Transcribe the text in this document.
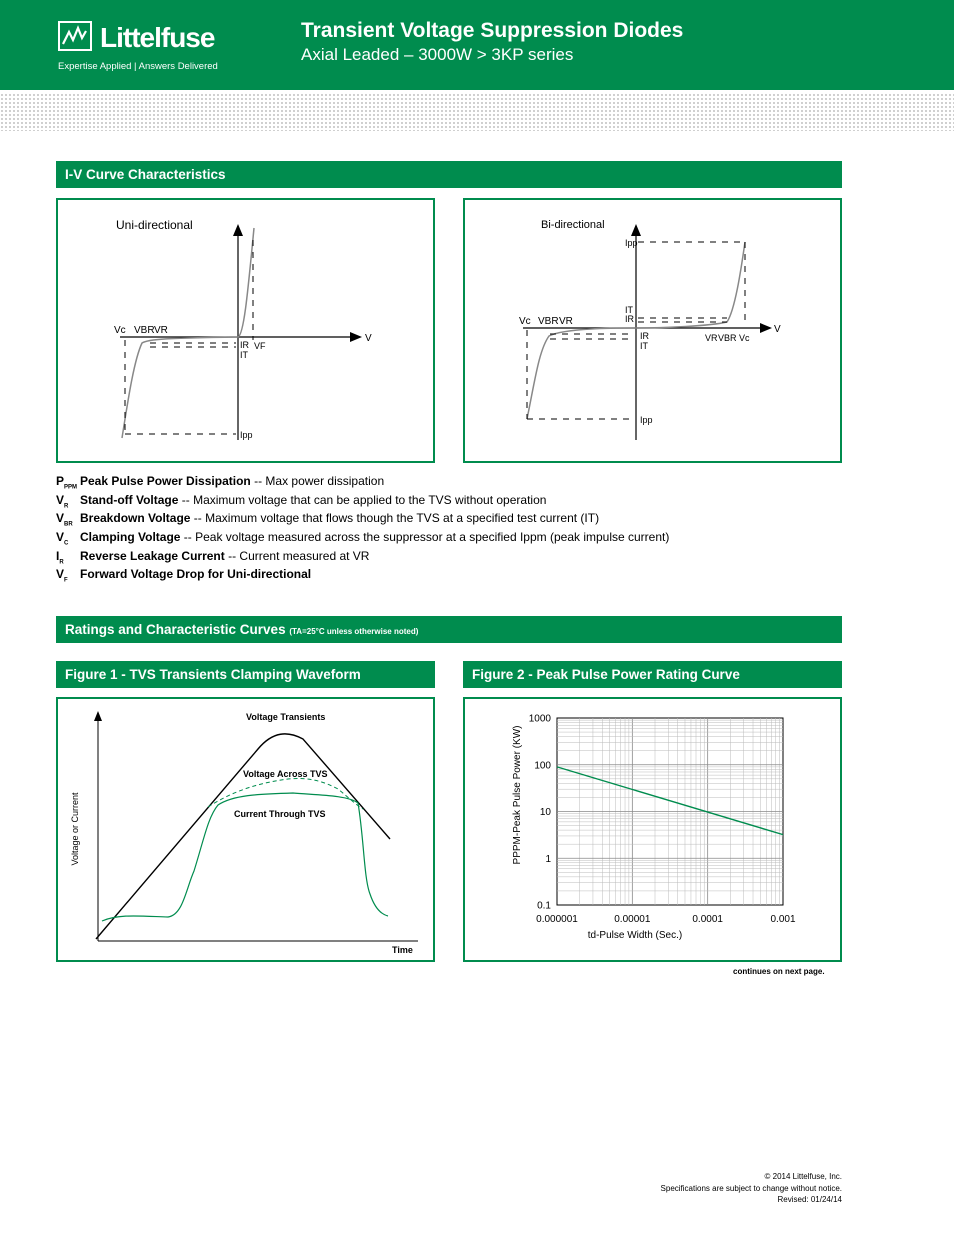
Littelfuse
Expertise Applied | Answers Delivered
Transient Voltage Suppression Diodes
Axial Leaded – 3000W > 3KP series
I-V Curve Characteristics
Uni-directional
Vc VBR VR
V
IR
IT
VF
Ipp
Bi-directional
Vc VBR VR
V
Ipp
IT
IR
IR
IT
Ipp
VR VBR Vc
$P_{PPM}$ Peak Pulse Power Dissipation -- Max power dissipation
$V_R$ Stand-off Voltage -- Maximum voltage that can be applied to the TVS without operation
$V_{BR}$ Breakdown Voltage -- Maximum voltage that flows though the TVS at a specified test current (IT)
$V_C$ Clamping Voltage -- Peak voltage measured across the suppressor at a specified Ippm (peak impulse current)
$I_R$ Reverse Leakage Current -- Current measured at VR
$V_F$ Forward Voltage Drop for Uni-directional
Ratings and Characteristic Curves (TA=25°C unless otherwise noted)
Figure 1 - TVS Transients Clamping Waveform
Voltage Transients
Voltage Across TVS
Current Through TVS
Voltage or Current
Time
Figure 2 - Peak Pulse Power Rating Curve
1000
100
10
1
0.1
0.000001	0.00001	0.0001	0.001
PPPM-Peak Pulse Power (KW)
td-Pulse Width (Sec.)
continues on next page.
© 2014 Littelfuse, Inc.
Specifications are subject to change without notice.
Revised: 01/24/14
